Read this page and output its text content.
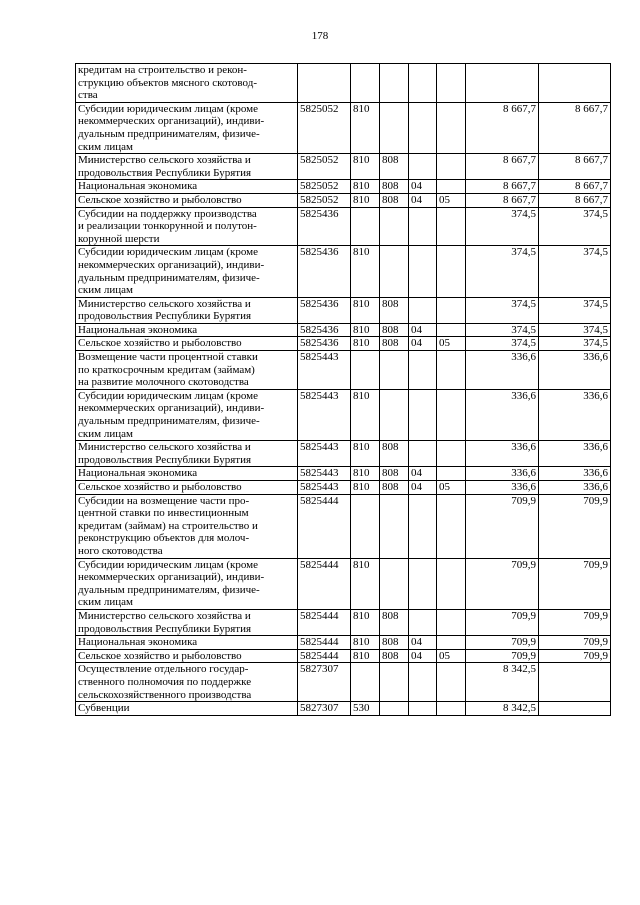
178
кредитам на строительство и рекон-
струкцию объектов мясного скотовод-
ства							
Субсидии юридическим лицам (кроме
некоммерческих организаций), индиви-
дуальным предпринимателям, физиче-
ским лицам	5825052	810				8 667,7	8 667,7
Министерство сельского хозяйства и
продовольствия Республики Бурятия	5825052	810	808			8 667,7	8 667,7
Национальная экономика	5825052	810	808	04		8 667,7	8 667,7
Сельское хозяйство и рыболовство	5825052	810	808	04	05	8 667,7	8 667,7
Субсидии на поддержку производства
и реализации тонкорунной и полутон-
корунной шерсти	5825436					374,5	374,5
Субсидии юридическим лицам (кроме
некоммерческих организаций), индиви-
дуальным предпринимателям, физиче-
ским лицам	5825436	810				374,5	374,5
Министерство сельского хозяйства и
продовольствия Республики Бурятия	5825436	810	808			374,5	374,5
Национальная экономика	5825436	810	808	04		374,5	374,5
Сельское хозяйство и рыболовство	5825436	810	808	04	05	374,5	374,5
Возмещение части процентной ставки
по краткосрочным кредитам (займам)
на развитие молочного скотоводства	5825443					336,6	336,6
Субсидии юридическим лицам (кроме
некоммерческих организаций), индиви-
дуальным предпринимателям, физиче-
ским лицам	5825443	810				336,6	336,6
Министерство сельского хозяйства и
продовольствия Республики Бурятия	5825443	810	808			336,6	336,6
Национальная экономика	5825443	810	808	04		336,6	336,6
Сельское хозяйство и рыболовство	5825443	810	808	04	05	336,6	336,6
Субсидии на возмещение части про-
центной ставки по инвестиционным
кредитам (займам) на строительство и
реконструкцию объектов для молоч-
ного скотоводства	5825444					709,9	709,9
Субсидии юридическим лицам (кроме
некоммерческих организаций), индиви-
дуальным предпринимателям, физиче-
ским лицам	5825444	810				709,9	709,9
Министерство сельского хозяйства и
продовольствия Республики Бурятия	5825444	810	808			709,9	709,9
Национальная экономика	5825444	810	808	04		709,9	709,9
Сельское хозяйство и рыболовство	5825444	810	808	04	05	709,9	709,9
Осуществление отдельного государ-
ственного полномочия по поддержке
сельскохозяйственного производства	5827307					8 342,5	
Субвенции	5827307	530				8 342,5	
